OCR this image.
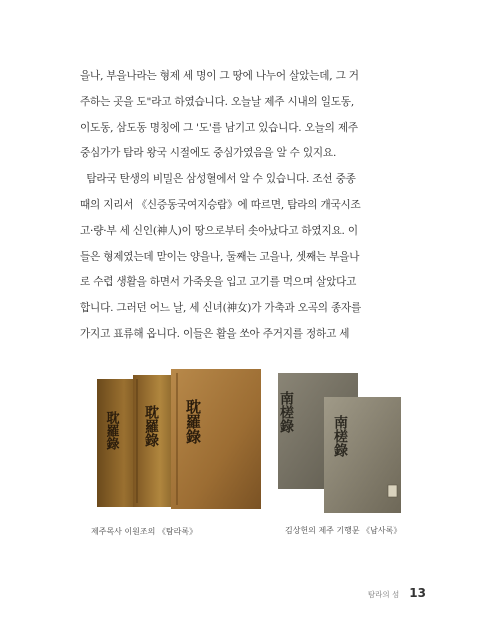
을나, 부을나라는 형제 세 명이 그 땅에 나누어 살았는데, 그 거
주하는 곳을 도"라고 하였습니다. 오늘날 제주 시내의 일도동,
이도동, 삼도동 명칭에 그 '도'를 남기고 있습니다. 오늘의 제주
중심가가 탐라 왕국 시절에도 중심가였음을 알 수 있지요.
탐라국 탄생의 비밀은 삼성혈에서 알 수 있습니다. 조선 중종
때의 지리서 《신증동국여지승람》에 따르면, 탐라의 개국시조
고·량·부 세 신인(神人)이 땅으로부터 솟아났다고 하였지요. 이
들은 형제였는데 맏이는 양을나, 둘째는 고을나, 셋째는 부을나
로 수렵 생활을 하면서 가죽옷을 입고 고기를 먹으며 살았다고
합니다. 그러던 어느 날, 세 신녀(神女)가 가축과 오곡의 종자를
가지고 표류해 옵니다. 이들은 활을 쏘아 주거지를 정하고 세
耽羅錄 耽羅錄 耽羅錄	南槎錄
南槎錄
제주목사 이원조의 《탐라록》	김상헌의 제주 기행문 《남사록》
탐라의 섬 13
